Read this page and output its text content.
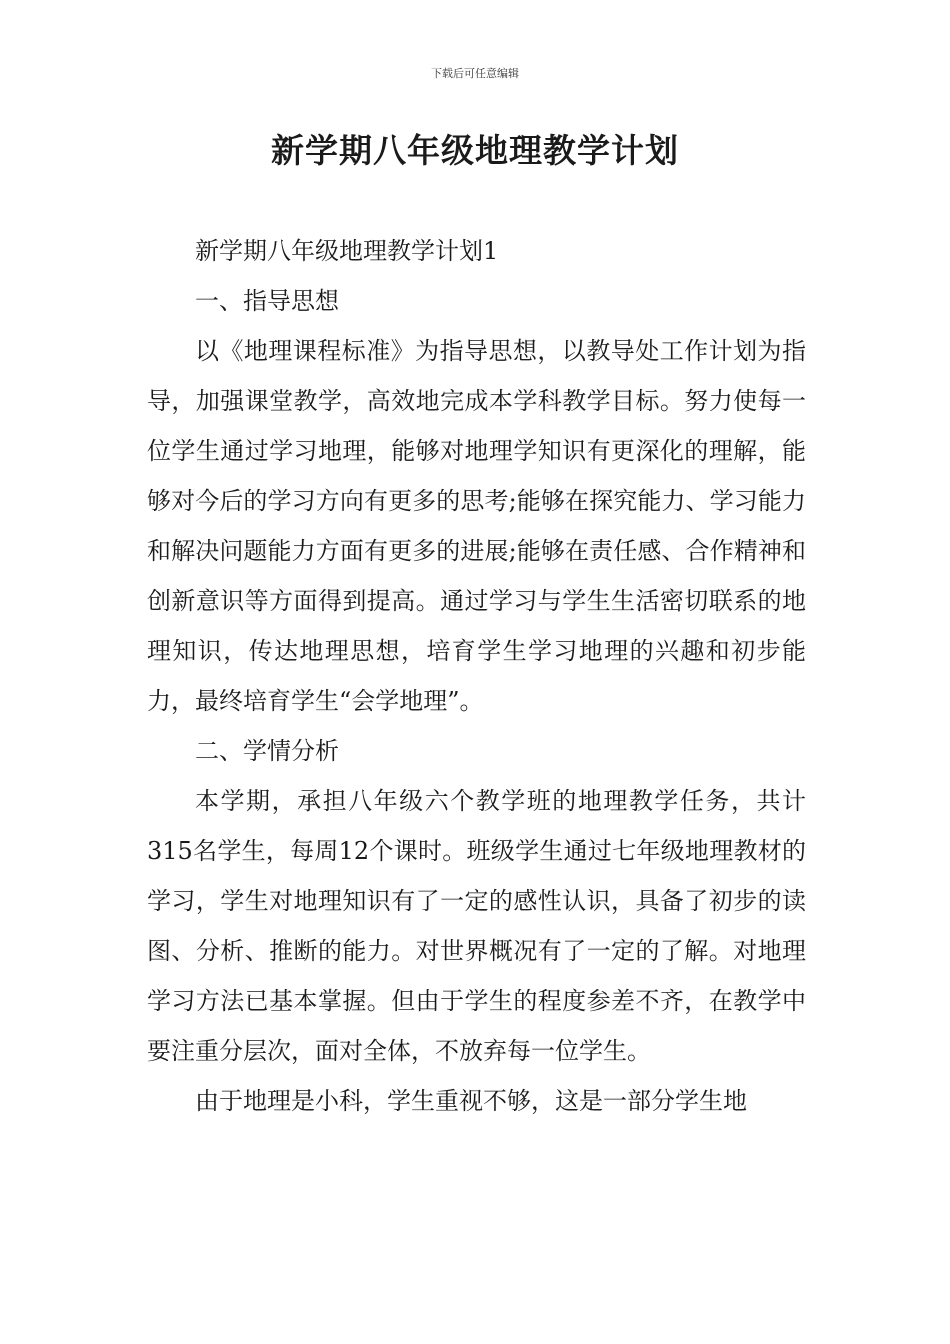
下载后可任意编辑
新学期八年级地理教学计划

新学期八年级地理教学计划1

一、指导思想

以《地理课程标准》为指导思想，以教导处工作计划为指导，加强课堂教学，高效地完成本学科教学目标。努力使每一位学生通过学习地理，能够对地理学知识有更深化的理解，能够对今后的学习方向有更多的思考;能够在探究能力、学习能力和解决问题能力方面有更多的进展;能够在责任感、合作精神和创新意识等方面得到提高。通过学习与学生生活密切联系的地理知识，传达地理思想，培育学生学习地理的兴趣和初步能力，最终培育学生“会学地理”。

二、学情分析

本学期，承担八年级六个教学班的地理教学任务，共计315名学生，每周12个课时。班级学生通过七年级地理教材的学习，学生对地理知识有了一定的感性认识，具备了初步的读图、分析、推断的能力。对世界概况有了一定的了解。对地理学习方法已基本掌握。但由于学生的程度参差不齐，在教学中要注重分层次，面对全体，不放弃每一位学生。

由于地理是小科，学生重视不够，这是一部分学生地
